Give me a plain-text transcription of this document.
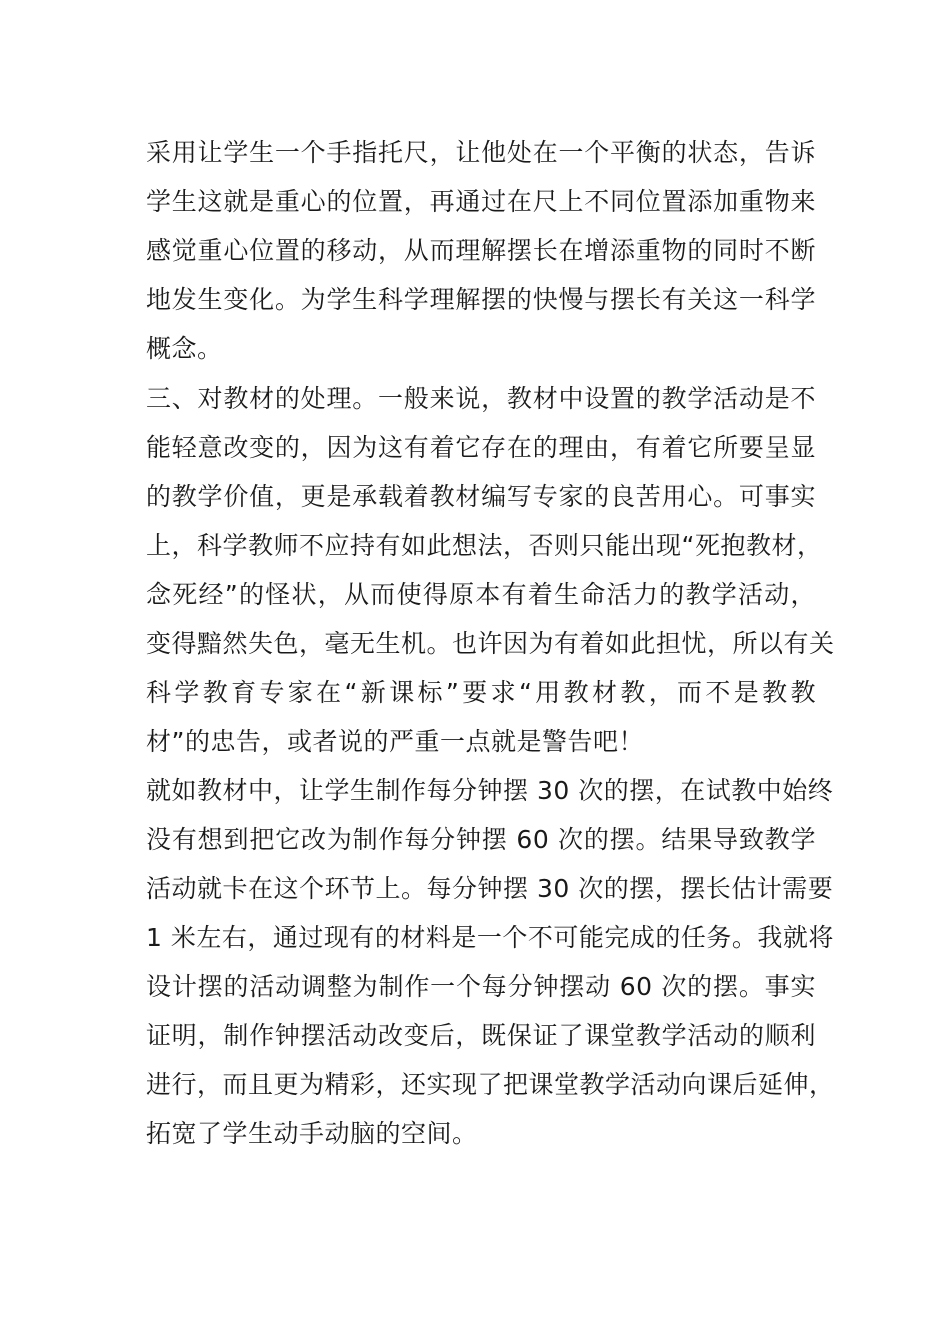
采用让学生一个手指托尺，让他处在一个平衡的状态，告诉
学生这就是重心的位置，再通过在尺上不同位置添加重物来
感觉重心位置的移动，从而理解摆长在增添重物的同时不断
地发生变化。为学生科学理解摆的快慢与摆长有关这一科学
概念。
三、对教材的处理。一般来说，教材中设置的教学活动是不
能轻意改变的，因为这有着它存在的理由，有着它所要呈显
的教学价值，更是承载着教材编写专家的良苦用心。可事实
上，科学教师不应持有如此想法，否则只能出现“死抱教材，
念死经”的怪状，从而使得原本有着生命活力的教学活动，
变得黯然失色，毫无生机。也许因为有着如此担忧，所以有关
科学教育专家在“新课标”要求“用教材教，而不是教教
材”的忠告，或者说的严重一点就是警告吧！
就如教材中，让学生制作每分钟摆 30 次的摆，在试教中始终
没有想到把它改为制作每分钟摆 60 次的摆。结果导致教学
活动就卡在这个环节上。每分钟摆 30 次的摆，摆长估计需要
1 米左右，通过现有的材料是一个不可能完成的任务。我就将
设计摆的活动调整为制作一个每分钟摆动 60 次的摆。事实
证明，制作钟摆活动改变后，既保证了课堂教学活动的顺利
进行，而且更为精彩，还实现了把课堂教学活动向课后延伸，
拓宽了学生动手动脑的空间。
